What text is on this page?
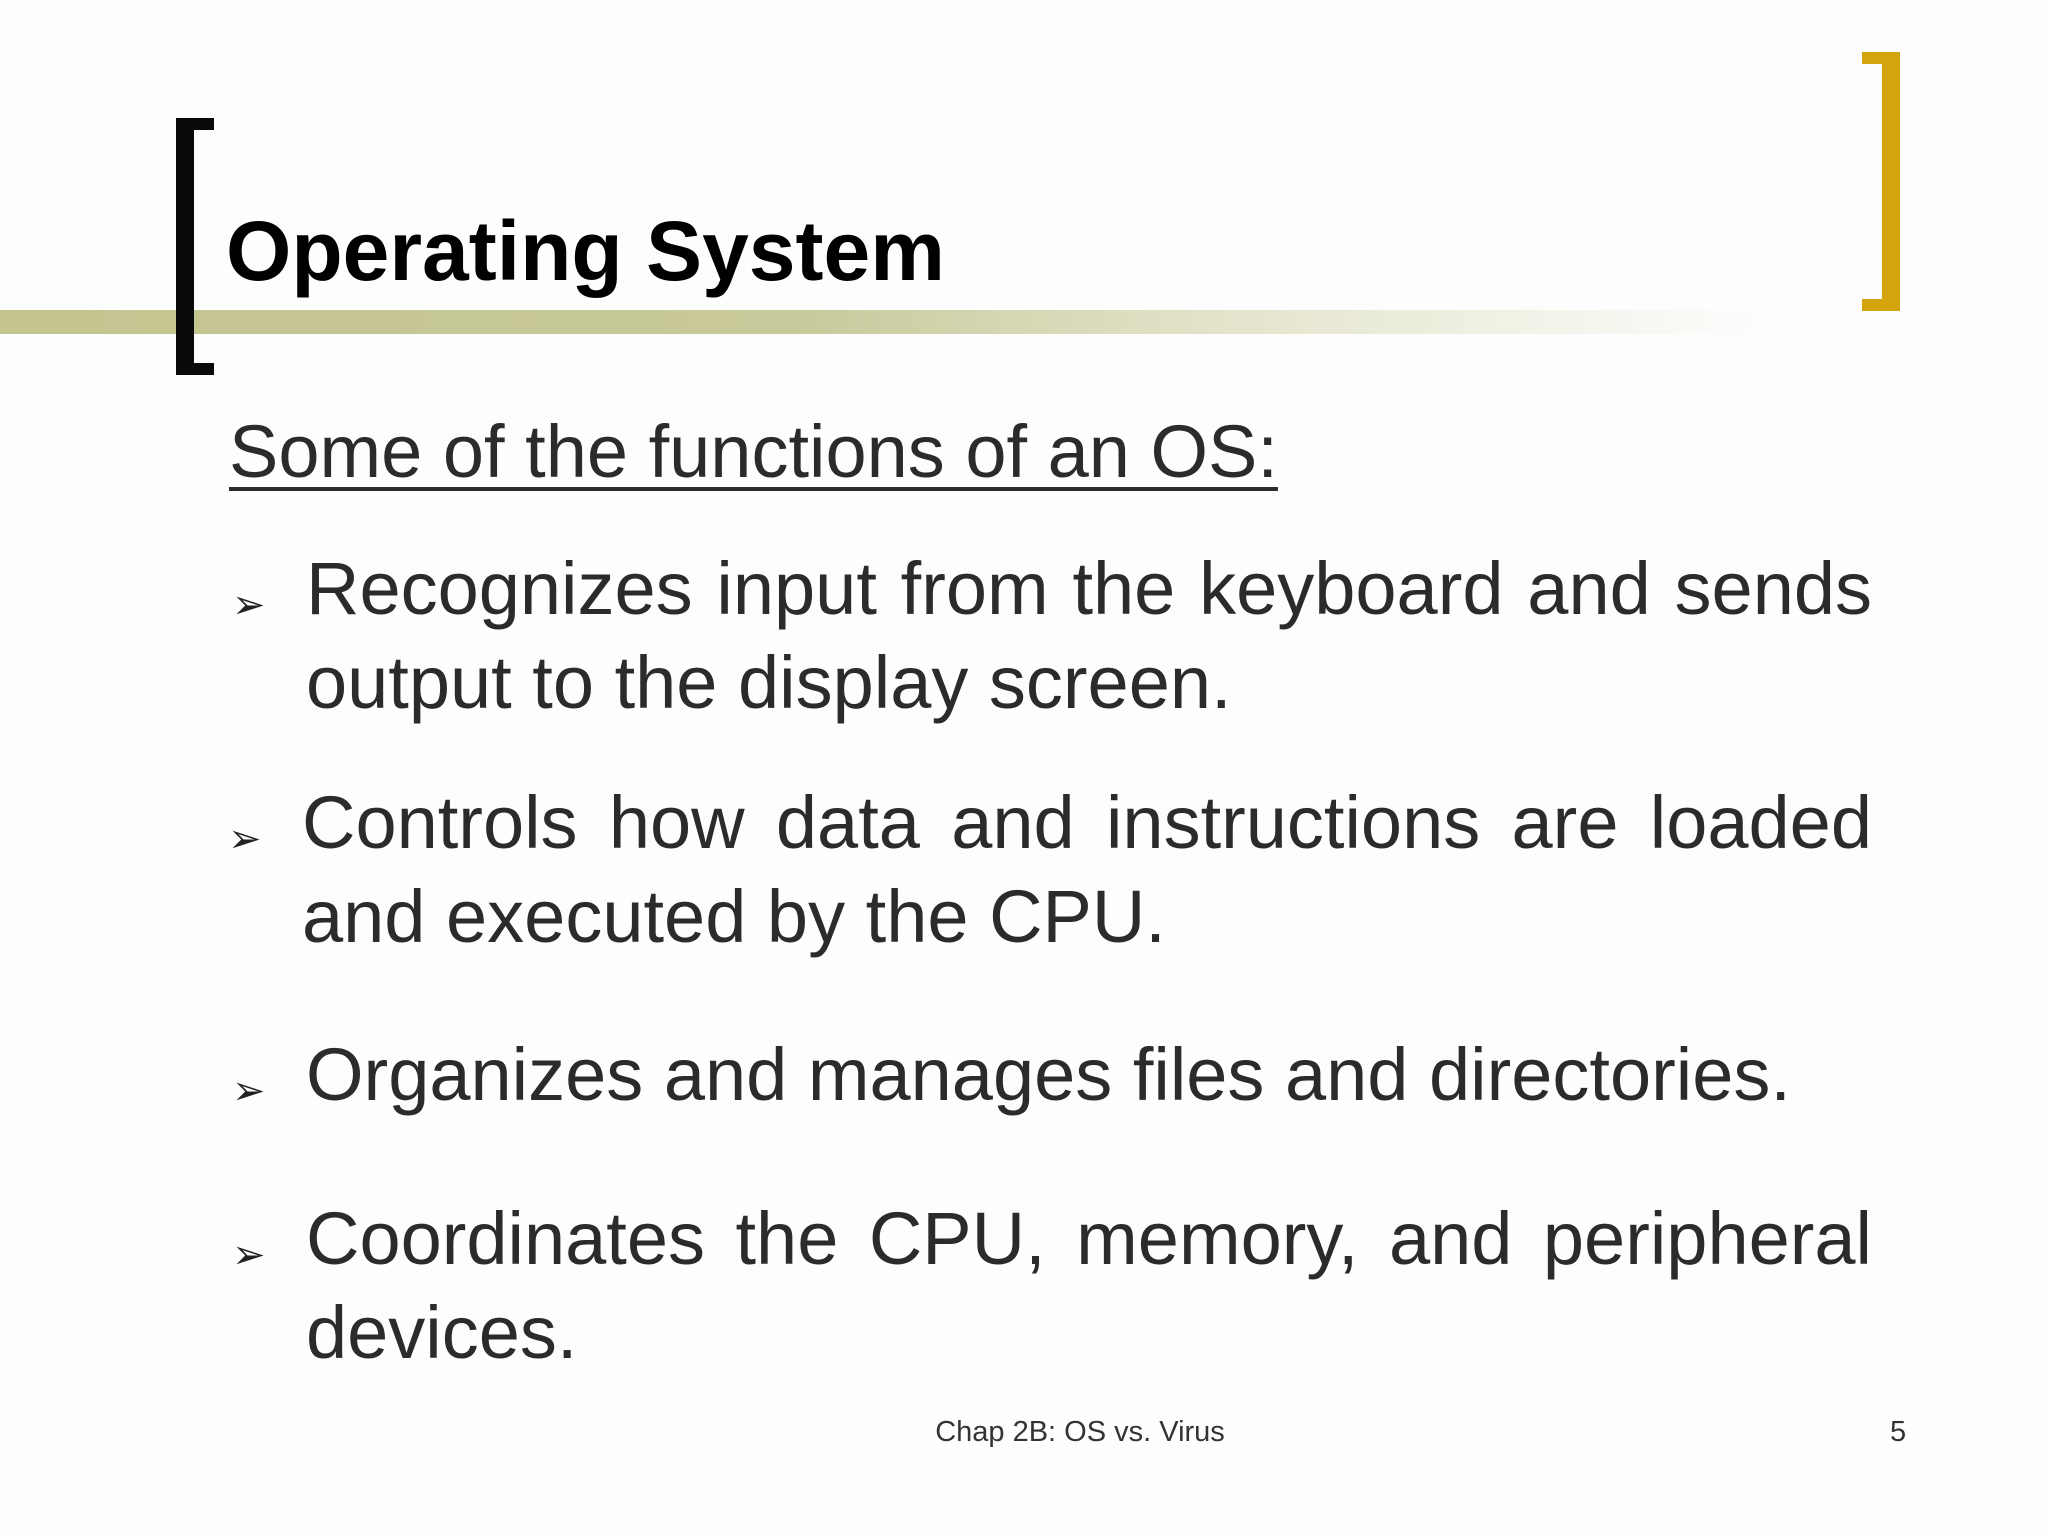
Operating System

Some of the functions of an OS:

➢ Recognizes input from the keyboard and sends output to the display screen.
➢ Controls how data and instructions are loaded and executed by the CPU.
➢ Organizes and manages files and directories.
➢ Coordinates the CPU, memory, and peripheral devices.
Chap 2B: OS vs. Virus	5
